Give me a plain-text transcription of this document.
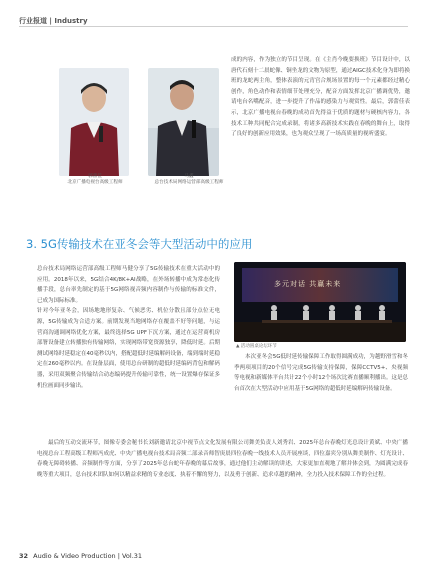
行业报道 | Industry
郭蕾佳
北京广播电视台高级工程师
马鑫
总台技术局网络运营部高级工程师

成的内容，作为独立的节目呈现。在《主肖今晚要换班》节目设计中，以唐代石刻十二晨蛇像、铜坐龙的文物为原型，通过AIGC技术化身为即将换班的龙蛇两主角，整体表演的元宵宫合规场景置的每一个元素都经过精心创作，角色动作和表情细节处理充分，配音方面发挥北京广播调优势，邀请电台名嘴配音，进一步提升了作品的感染力与观赏性。最后，郭蕾佳表示，北京广播电视台春晚的成功首先得益于优质的题材与硬核内容力，各技术工种共同配合完成录制，将诸多高新技术实践在春晚的舞台上，取得了良好的创新应用效果，也为观众呈现了一场高质量的视听盛宴。

3. 5G传输技术在亚冬会等大型活动中的应用

总台技术局网络运营部高级工程师马健分享了5G传输技术在重大活动中的应用。2018年以来，5G结合4K/8K+AI战略，在外场转播中成为常态化传播手段，总台率先制定的基于5G网络视音频内容制作与传输的标准文件，已成为国际标准。
针对今年亚冬会，因场地地形复杂、气候恶劣、机位分散且部分点位无电源，5G传输成为合适方案。前期发现当地网络存在覆盖不好等问题，与运营商沟通调网络优化方案，最终选择5G UPF下沉方案，通过在运营商机房部署设备建立转播独有传输网络，实现网络带宽资源独享，降低时延。后期测试网络时延稳定在40毫秒以内，搭配超低时延编解码设备，端到端时延稳定在260毫秒以内。在设备层面，使用总台研制的超低时延编码背包和解码器，采用双频聚合传输结合动态编码提升传输可靠性，统一设置爆存保证多机位画面同步输出。

多元对话 共赢未来
▲ 活动圆桌论坛环节

本次亚冬会5G低时延传输保障工作取得圆满成功，为越野滑雪和冬季两项项目的20个信号完成5G传输支持保障，保障CCTV5+、央视频等电视和新媒体平台共计22个小时12个场次比赛直播顺利播出。这是总台首次在大型活动中应用基于5G网络的超低时延编解码传输设备。

最后的互动交流环节，图像专委会秘书长刘新邀请北京中视节点文化发展有限公司舞美负责人刘秀岩、2025年总台春晚灯光总设计黄斌、中央广播电视总台工程高级工程师冯成虎、中央广播电视台技术局音频二部录音师智庚晨四位春晚一线技术人员开展座谈，四位嘉宾分别从舞美制作、灯光设计、春晚无障碍转播、音频制作等方面，分享了2025年总台蛇年春晚的幕后故事，通过他们主动解读的讲述，大家更加直观地了解并体会到，为圆满完成春晚等重大项目，总台技术团队如何以精益求精的专业态度、执着不懈的努力，以及勇于创新、追求卓越的精神，全力投入技术保障工作的全过程。

32 Audio & Video Production | Vol.31
